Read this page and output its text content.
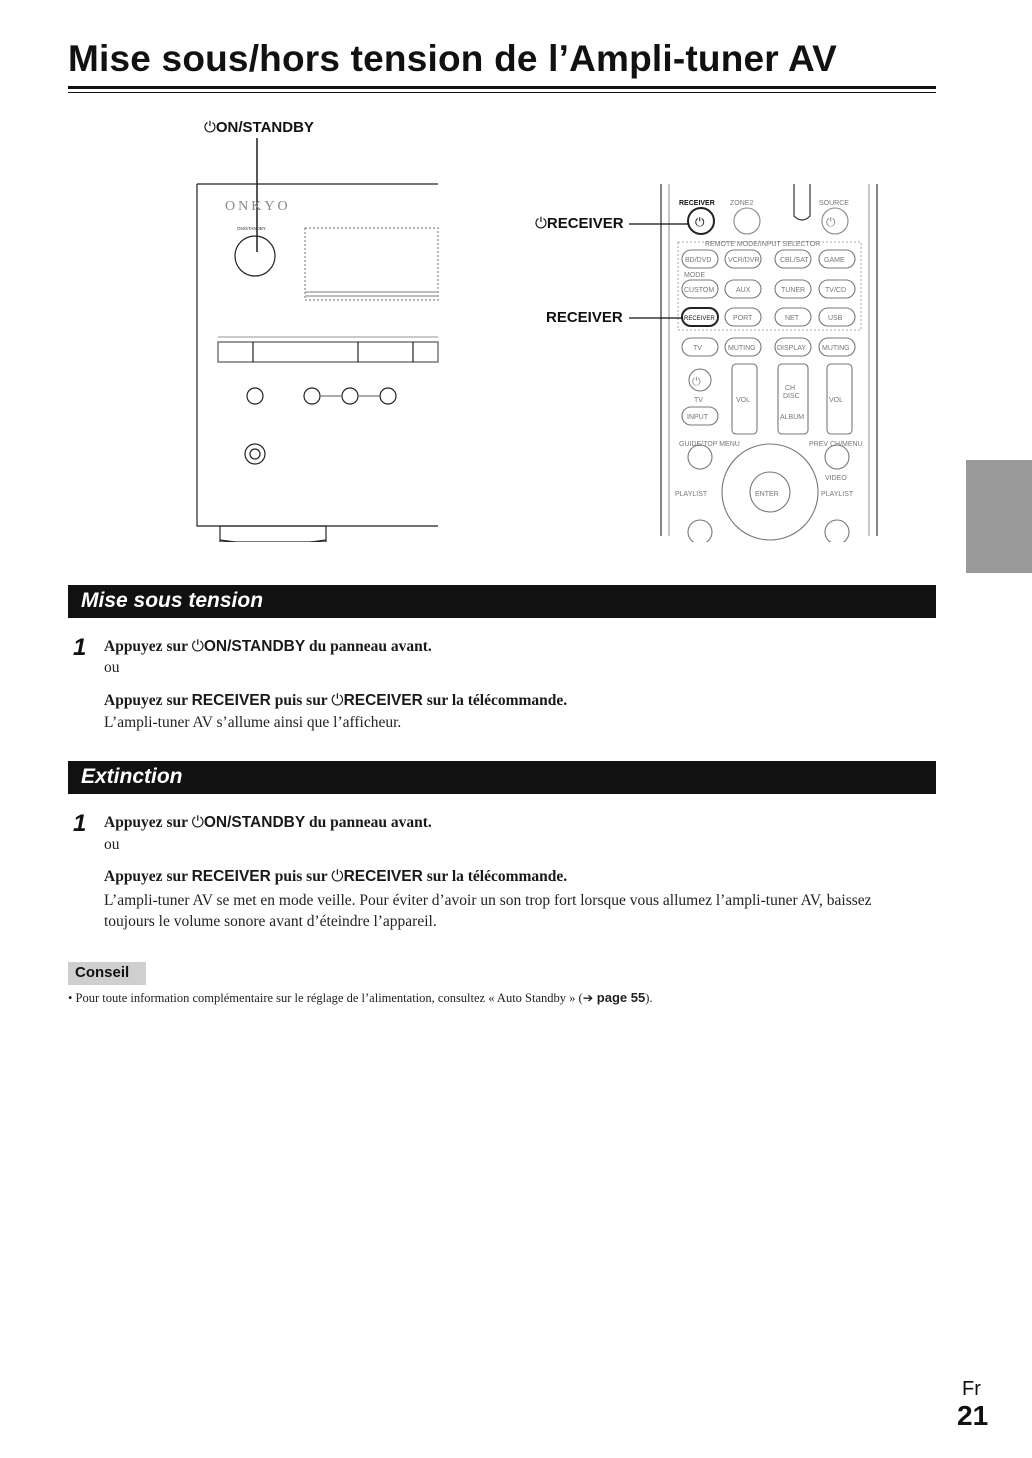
Mise sous/hors tension de l’Ampli-tuner AV
⏻ON/STANDBY
⏻RECEIVER
RECEIVER
ONKYO
ON/STANDBY	⏻	⏻
⏻
RECEIVER ZONE2	SOURCE
REMOTE MODE/INPUT SELECTOR
BD/DVD VCR/DVR	CBL/SAT GAME
MODE
CUSTOM	AUX	TUNER	TV/CD
RECEIVER	PORT	NET	USB
TV	MUTING	DISPLAY MUTING
TV
INPUT
VOL
CH
DISC
ALBUM
VOL
GUIDE/TOP MENU	PREV CH/MENU
VIDEO
PLAYLIST	ENTER	PLAYLIST
Mise sous tension
1 Appuyez sur ⏻ON/STANDBY du panneau avant.
ou
Appuyez sur RECEIVER puis sur ⏻RECEIVER sur la télécommande.
L’ampli-tuner AV s’allume ainsi que l’afficheur.
Extinction
1 Appuyez sur ⏻ON/STANDBY du panneau avant.
ou
Appuyez sur RECEIVER puis sur ⏻RECEIVER sur la télécommande.
L’ampli-tuner AV se met en mode veille. Pour éviter d’avoir un son trop fort lorsque vous allumez l’ampli-tuner AV, baissez toujours le volume sonore avant d’éteindre l’appareil.
Conseil
• Pour toute information complémentaire sur le réglage de l’alimentation, consultez « Auto Standby » (➔ page 55).
Fr
21
